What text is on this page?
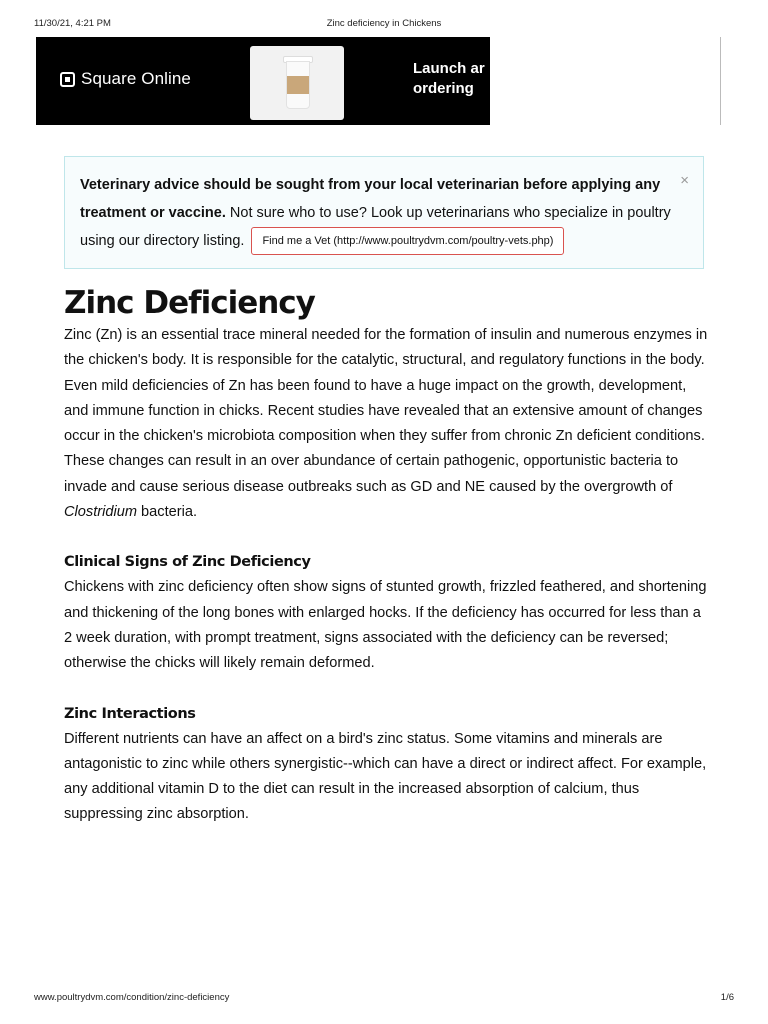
11/30/21, 4:21 PM	Zinc deficiency in Chickens
Square Online
Launch ar
ordering
×
Veterinary advice should be sought from your local veterinarian before applying any treatment or vaccine. Not sure who to use? Look up veterinarians who specialize in poultry using our directory listing. Find me a Vet (http://www.poultrydvm.com/poultry-vets.php)
Zinc Deficiency

Zinc (Zn) is an essential trace mineral needed for the formation of insulin and numerous enzymes in the chicken's body. It is responsible for the catalytic, structural, and regulatory functions in the body. Even mild deficiencies of Zn has been found to have a huge impact on the growth, development, and immune function in chicks. Recent studies have revealed that an extensive amount of changes occur in the chicken's microbiota composition when they suffer from chronic Zn deficient conditions. These changes can result in an over abundance of certain pathogenic, opportunistic bacteria to invade and cause serious disease outbreaks such as GD and NE caused by the overgrowth of Clostridium bacteria.

Clinical Signs of Zinc Deficiency

Chickens with zinc deficiency often show signs of stunted growth, frizzled feathered, and shortening and thickening of the long bones with enlarged hocks. If the deficiency has occurred for less than a 2 week duration, with prompt treatment, signs associated with the deficiency can be reversed; otherwise the chicks will likely remain deformed.

Zinc Interactions

Different nutrients can have an affect on a bird's zinc status. Some vitamins and minerals are antagonistic to zinc while others synergistic--which can have a direct or indirect affect. For example, any additional vitamin D to the diet can result in the increased absorption of calcium, thus suppressing zinc absorption.

www.poultrydvm.com/condition/zinc-deficiency	1/6
